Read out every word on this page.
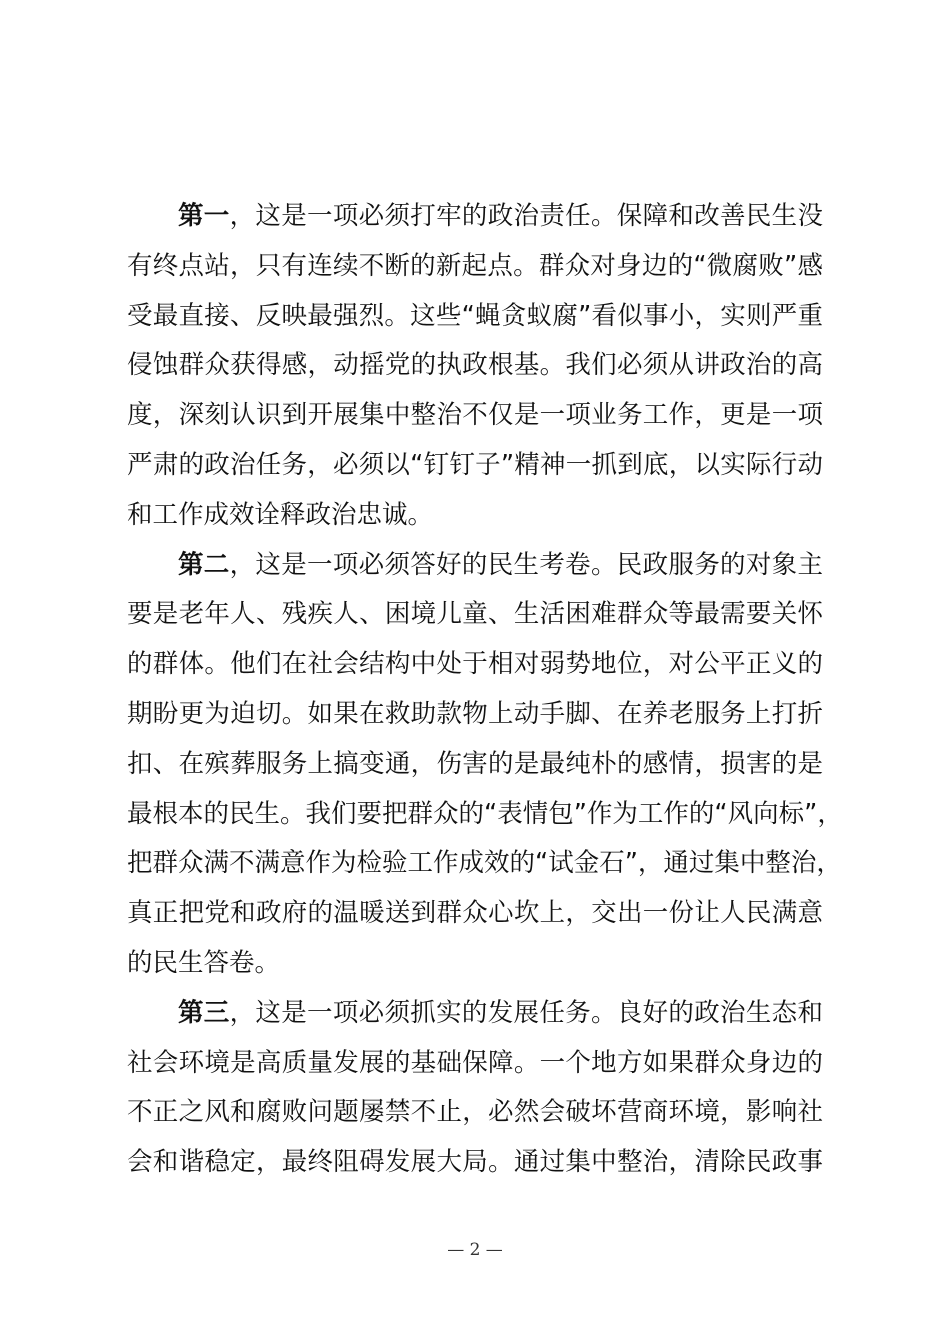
第一，这是一项必须打牢的政治责任。保障和改善民生没
有终点站，只有连续不断的新起点。群众对身边的“微腐败”感
受最直接、反映最强烈。这些“蝇贪蚁腐”看似事小，实则严重
侵蚀群众获得感，动摇党的执政根基。我们必须从讲政治的高
度，深刻认识到开展集中整治不仅是一项业务工作，更是一项
严肃的政治任务，必须以“钉钉子”精神一抓到底，以实际行动
和工作成效诠释政治忠诚。
第二，这是一项必须答好的民生考卷。民政服务的对象主
要是老年人、残疾人、困境儿童、生活困难群众等最需要关怀
的群体。他们在社会结构中处于相对弱势地位，对公平正义的
期盼更为迫切。如果在救助款物上动手脚、在养老服务上打折
扣、在殡葬服务上搞变通，伤害的是最纯朴的感情，损害的是
最根本的民生。我们要把群众的“表情包”作为工作的“风向标”，
把群众满不满意作为检验工作成效的“试金石”，通过集中整治，
真正把党和政府的温暖送到群众心坎上，交出一份让人民满意
的民生答卷。
第三，这是一项必须抓实的发展任务。良好的政治生态和
社会环境是高质量发展的基础保障。一个地方如果群众身边的
不正之风和腐败问题屡禁不止，必然会破坏营商环境，影响社
会和谐稳定，最终阻碍发展大局。通过集中整治，清除民政事
— 2 —
